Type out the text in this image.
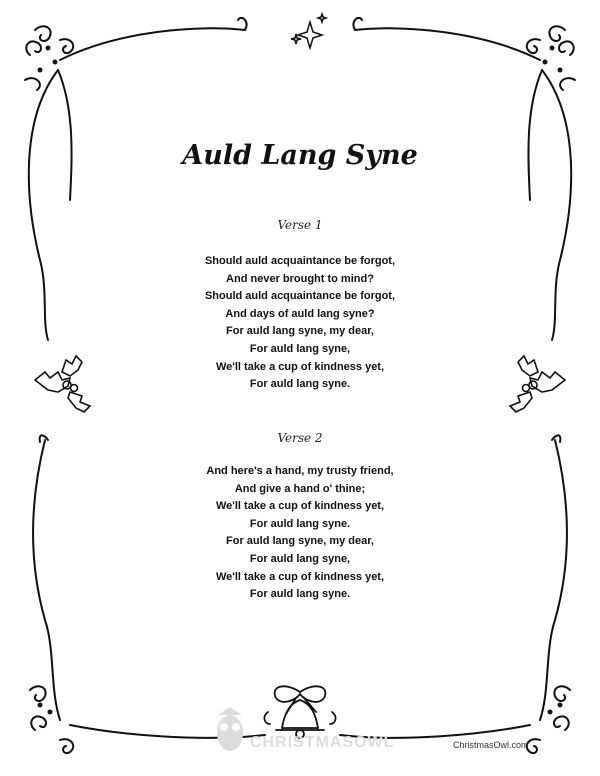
Auld Lang Syne
Verse 1
Should auld acquaintance be forgot,
And never brought to mind?
Should auld acquaintance be forgot,
And days of auld lang syne?
For auld lang syne, my dear,
For auld lang syne,
We'll take a cup of kindness yet,
For auld lang syne.
Verse 2
And here's a hand, my trusty friend,
And give a hand o' thine;
We'll take a cup of kindness yet,
For auld lang syne.
For auld lang syne, my dear,
For auld lang syne,
We'll take a cup of kindness yet,
For auld lang syne.
CHRISTMASOWL	ChristmasOwl.com
